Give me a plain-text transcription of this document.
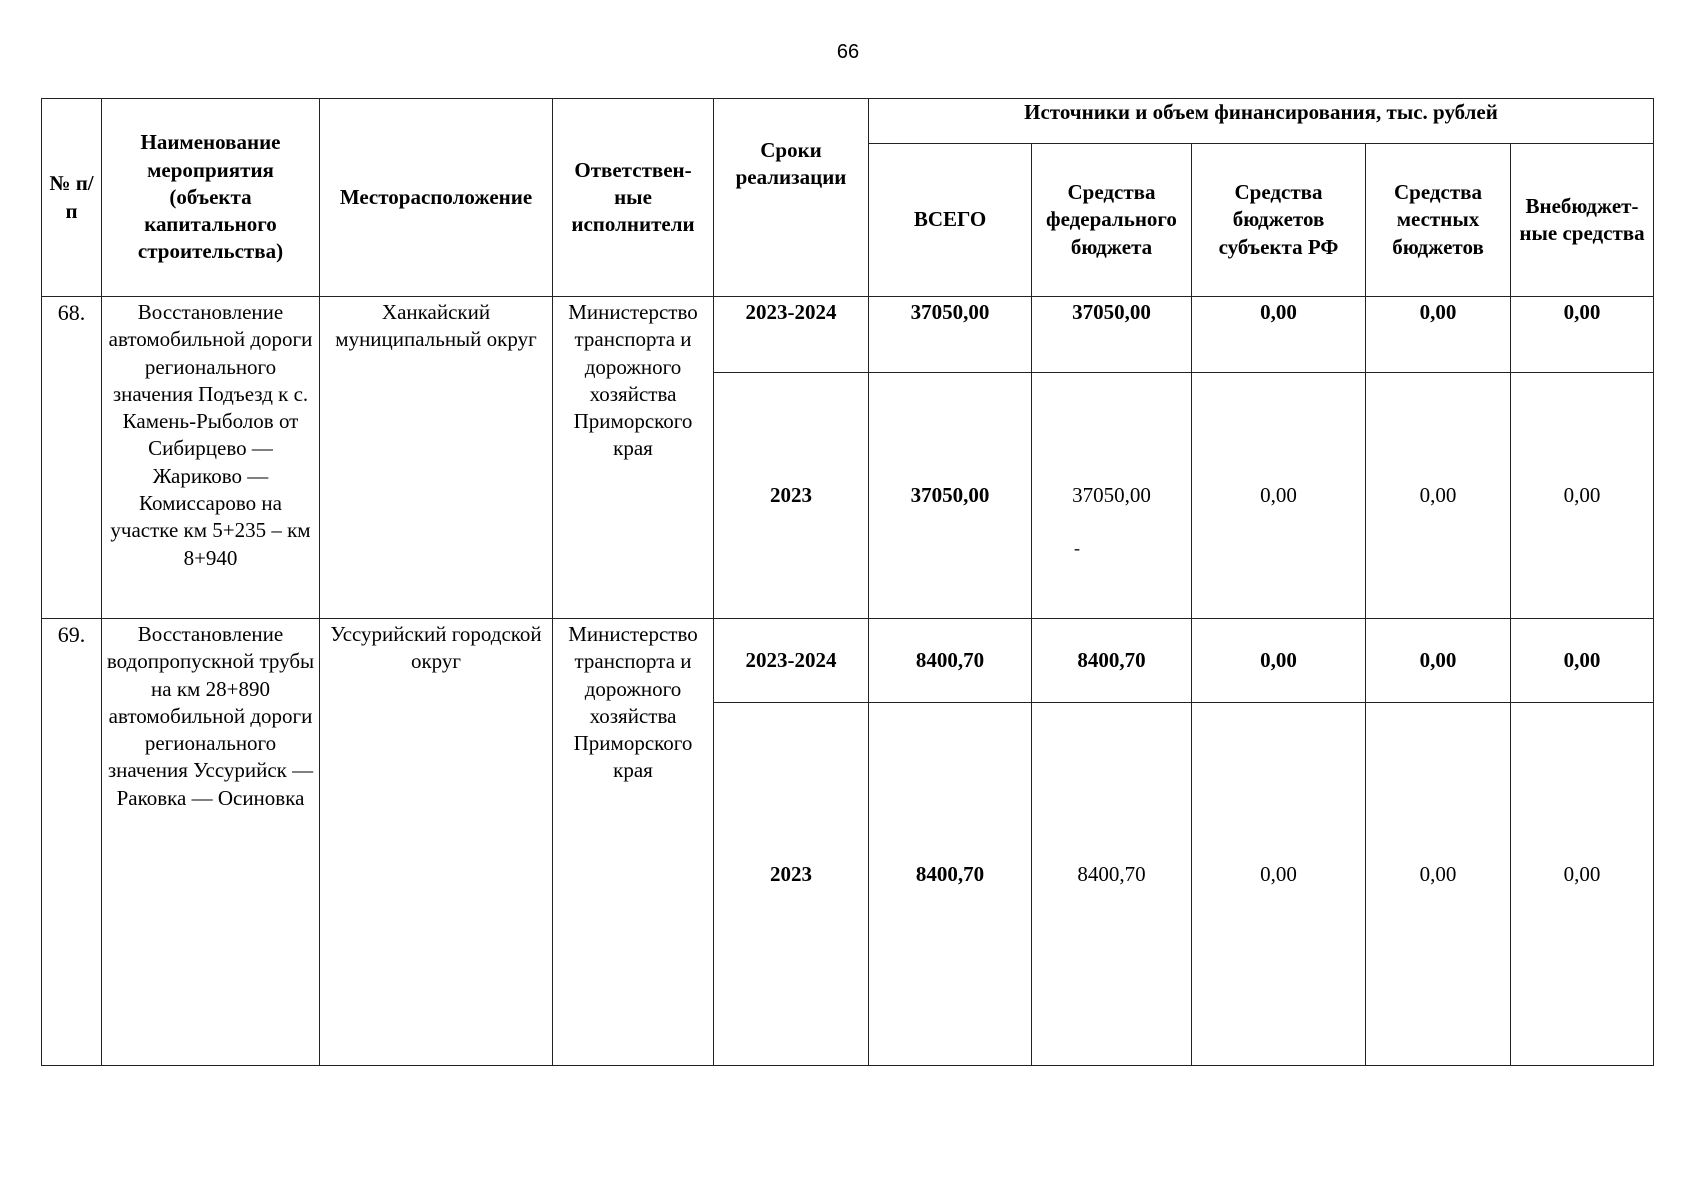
66
№ п/п	Наименование мероприятия (объекта капитального строительства)	Месторасположение	Ответствен-ные исполнители	Сроки реализации	Источники и объем финансирования, тыс. рублей				
					ВСЕГО	Средства федерального бюджета	Средства бюджетов субъекта РФ	Средства местных бюджетов	Внебюджет-ные средства
68.	Восстановление автомобильной дороги регионального значения Подъезд к с. Камень-Рыболов от Сибирцево — Жариково — Комиссарово на участке км 5+235 – км 8+940	Ханкайский муниципальный округ	Министерство транспорта и дорожного хозяйства Приморского края	2023-2024	37050,00	37050,00	0,00	0,00	0,00
				2023	37050,00	37050,00	0,00	0,00	0,00
69.	Восстановление водопропускной трубы на км 28+890 автомобильной дороги регионального значения Уссурийск — Раковка — Осиновка	Уссурийский городской округ	Министерство транспорта и дорожного хозяйства Приморского края	2023-2024	8400,70	8400,70	0,00	0,00	0,00
				2023	8400,70	8400,70	0,00	0,00	0,00
-
